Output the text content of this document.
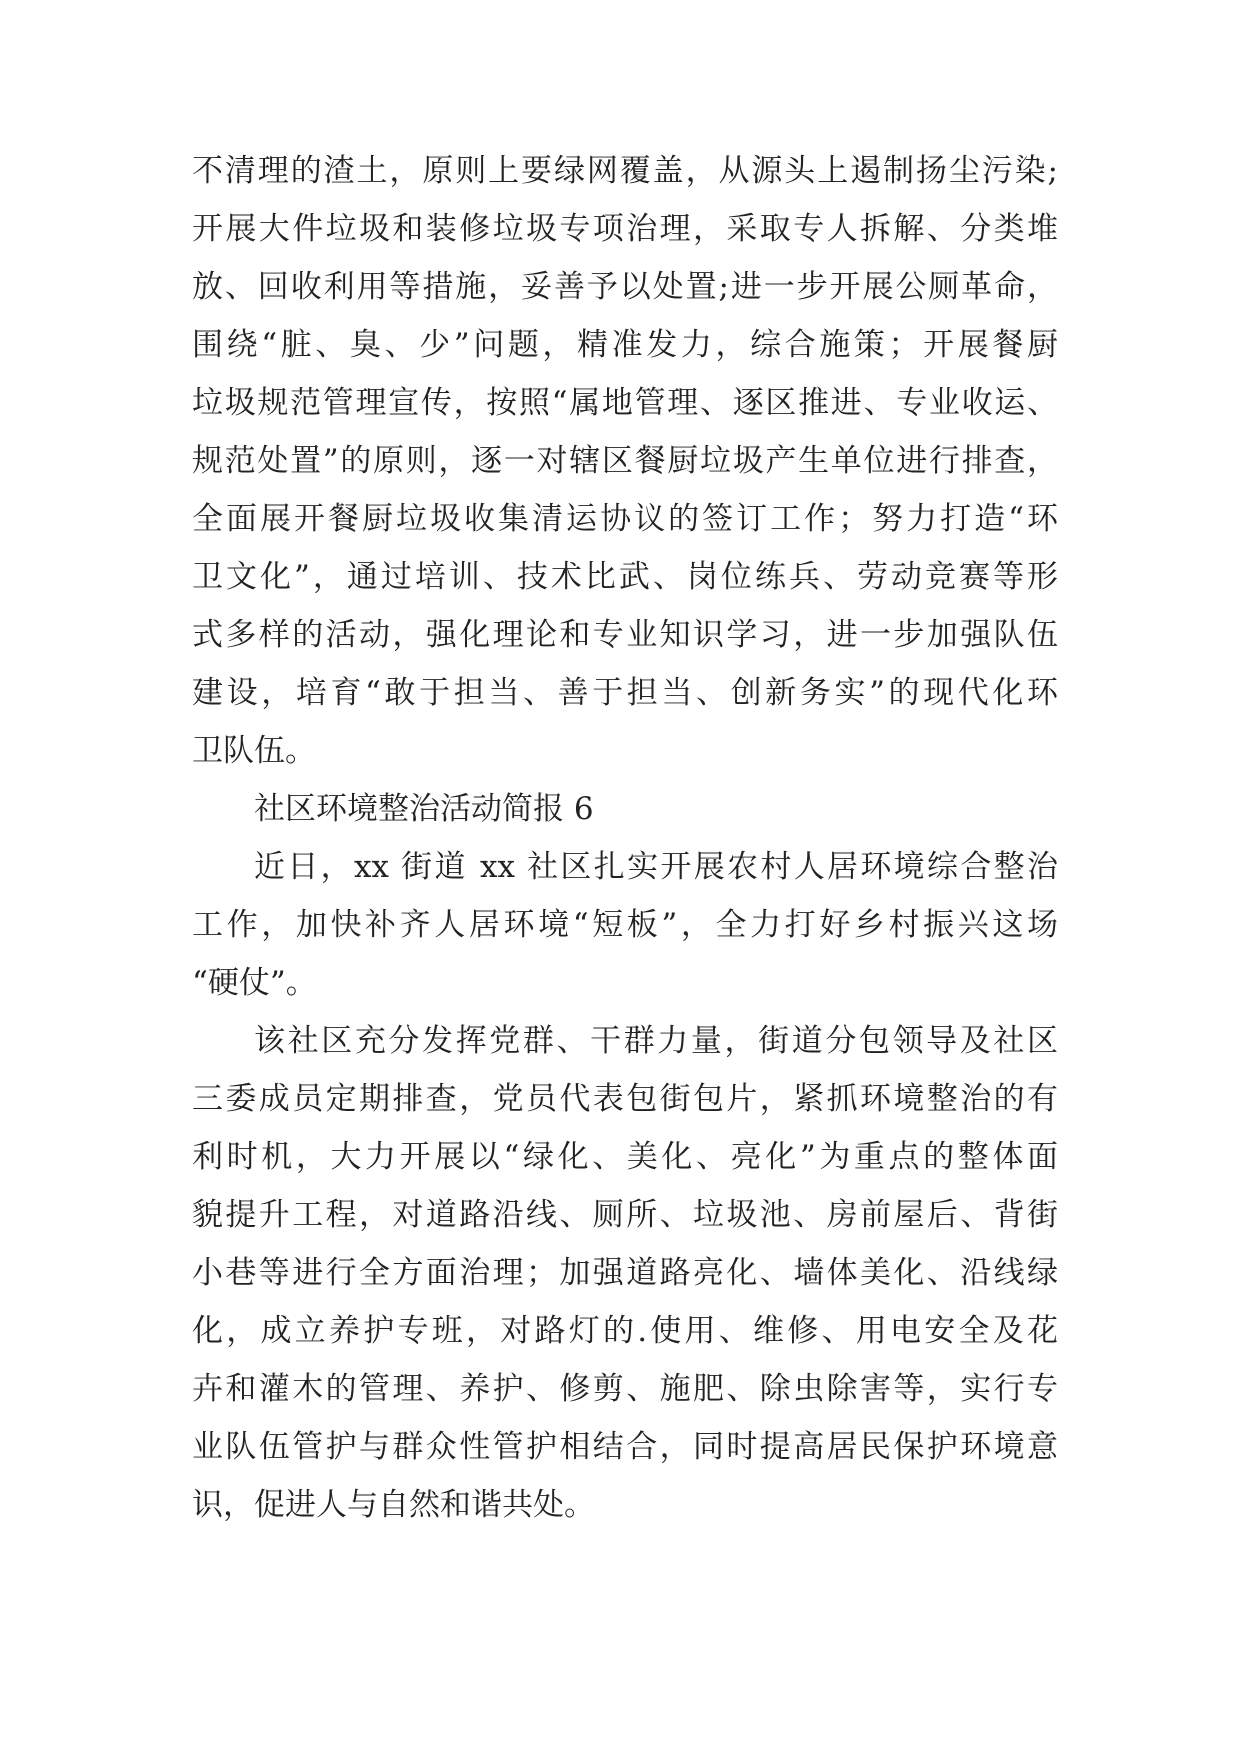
不清理的渣土，原则上要绿网覆盖，从源头上遏制扬尘污染;
开展大件垃圾和装修垃圾专项治理，采取专人拆解、分类堆
放、回收利用等措施，妥善予以处置;进一步开展公厕革命，
围绕“脏、臭、少”问题，精准发力，综合施策；开展餐厨
垃圾规范管理宣传，按照“属地管理、逐区推进、专业收运、
规范处置”的原则，逐一对辖区餐厨垃圾产生单位进行排查，
全面展开餐厨垃圾收集清运协议的签订工作；努力打造“环
卫文化”，通过培训、技术比武、岗位练兵、劳动竞赛等形
式多样的活动，强化理论和专业知识学习，进一步加强队伍
建设，培育“敢于担当、善于担当、创新务实”的现代化环
卫队伍。
社区环境整治活动简报 6
近日，xx 街道 xx 社区扎实开展农村人居环境综合整治
工作，加快补齐人居环境“短板”，全力打好乡村振兴这场
“硬仗”。
该社区充分发挥党群、干群力量，街道分包领导及社区
三委成员定期排查，党员代表包街包片，紧抓环境整治的有
利时机，大力开展以“绿化、美化、亮化”为重点的整体面
貌提升工程，对道路沿线、厕所、垃圾池、房前屋后、背街
小巷等进行全方面治理；加强道路亮化、墙体美化、沿线绿
化，成立养护专班，对路灯的.使用、维修、用电安全及花
卉和灌木的管理、养护、修剪、施肥、除虫除害等，实行专
业队伍管护与群众性管护相结合，同时提高居民保护环境意
识，促进人与自然和谐共处。
